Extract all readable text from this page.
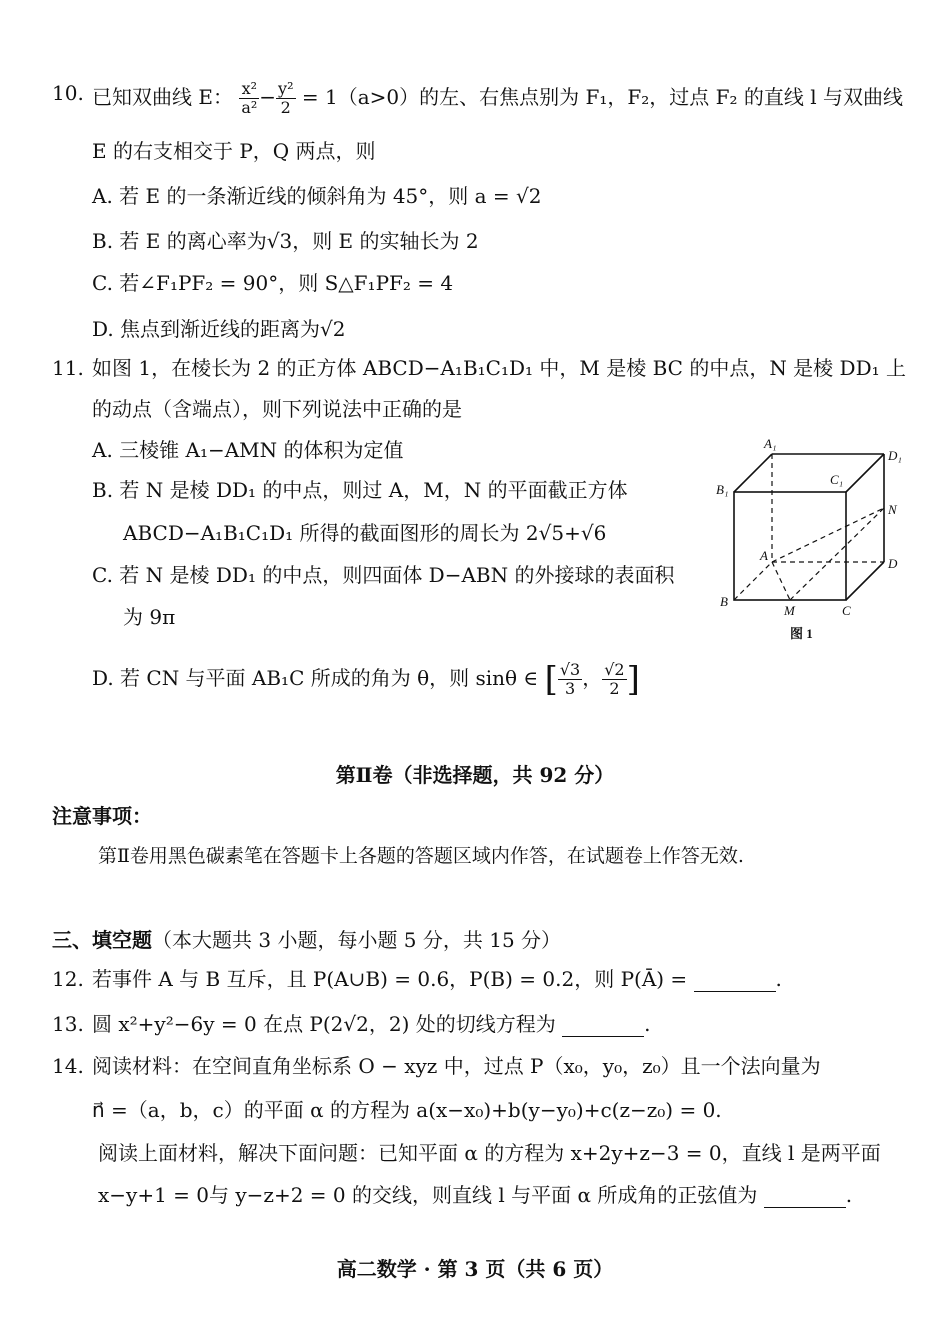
10. 已知双曲线 E： $\frac{\text{x²}}{\text{a²}} - \frac{\text{y²}}{2} = 1(a>0)$的左、右焦点别为 F₁，F₂，过点 F₂ 的直线 l 与双曲线
E 的右支相交于 P，Q 两点，则
A. 若 E 的一条渐近线的倾斜角为 45°，则 a = √2
B. 若 E 的离心率为√3，则 E 的实轴长为 2
C. 若∠F₁PF₂ = 90°，则 S△F₁PF₂ = 4
D. 焦点到渐近线的距离为√2
11. 如图 1，在棱长为 2 的正方体 ABCD−A₁B₁C₁D₁ 中，M 是棱 BC 的中点，N 是棱 DD₁ 上
的动点（含端点），则下列说法中正确的是
A. 三棱锥 A₁−AMN 的体积为定值
B. 若 N 是棱 DD₁ 的中点，则过 A，M，N 的平面截正方体
ABCD−A₁B₁C₁D₁ 所得的截面图形的周长为 2√5+√6
C. 若 N 是棱 DD₁ 的中点，则四面体 D−ABN 的外接球的表面积
为 9π
D. 若 CN 与平面 AB₁C 所成的角为 θ，则 sinθ ∈ [ $\frac{√3}{3}$ ， $\frac{√2}{2}$ ]
A₁
D₁
B₁
C₁
N
A
D
B
M	C
图 1
第Ⅱ卷（非选择题，共 92 分）
注意事项：
第Ⅱ卷用黑色碳素笔在答题卡上各题的答题区域内作答，在试题卷上作答无效.
三、填空题（本大题共 3 小题，每小题 5 分，共 15 分）
12. 若事件 A 与 B 互斥，且 P(A∪B) = 0.6，P(B) = 0.2，则 P(Ā) =	.
13. 圆 x²+y²−6y = 0 在点 P(2√2，2) 处的切线方程为	.
14. 阅读材料：在空间直角坐标系 O − xyz 中，过点 P（x₀，y₀，z₀）且一个法向量为
n⃗ =（a，b，c）的平面 α 的方程为 a(x−x₀)+b(y−y₀)+c(z−z₀) = 0.
阅读上面材料，解决下面问题：已知平面 α 的方程为 x+2y+z−3 = 0，直线 l 是两平面
x−y+1 = 0与 y−z+2 = 0 的交线，则直线 l 与平面 α 所成角的正弦值为	.
高二数学 · 第 3 页（共 6 页）
